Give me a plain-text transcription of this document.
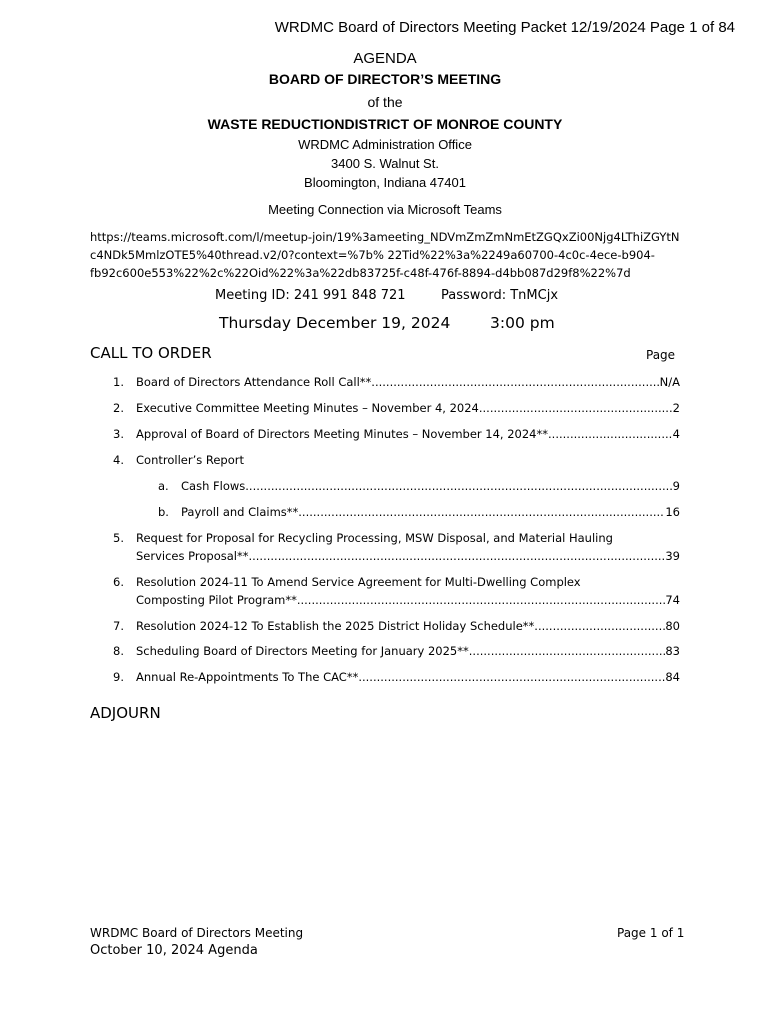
WRDMC Board of Directors Meeting Packet 12/19/2024 Page 1 of 84
AGENDA
BOARD OF DIRECTOR’S MEETING
of the
WASTE REDUCTIONDISTRICT OF MONROE COUNTY
WRDMC Administration Office
3400 S. Walnut St.
Bloomington, Indiana 47401
Meeting Connection via Microsoft Teams
https://teams.microsoft.com/l/meetup-join/19%3ameeting_NDVmZmZmNmEtZGQxZi00Njg4LThiZGYtN
c4NDk5MmlzOTE5%40thread.v2/0?context=%7b% 22Tid%22%3a%2249a60700-4c0c-4ece-b904-
fb92c600e553%22%2c%22Oid%22%3a%22db83725f-c48f-476f-8894-d4bb087d29f8%22%7d
Meeting ID: 241 991 848 721	Password: TnMCjx
Thursday December 19, 2024	3:00 pm
CALL TO ORDER	Page
1. Board of Directors Attendance Roll Call** .....	N/A
2. Executive Committee Meeting Minutes – November 4, 2024 .....	2
3. Approval of Board of Directors Meeting Minutes – November 14, 2024** .....	4
4. Controller’s Report
a. Cash Flows .....	9
b. Payroll and Claims** .....	16
5. Request for Proposal for Recycling Processing, MSW Disposal, and Material Hauling
Services Proposal** .....	39
6. Resolution 2024-11 To Amend Service Agreement for Multi-Dwelling Complex
Composting Pilot Program** .....	74
7. Resolution 2024-12 To Establish the 2025 District Holiday Schedule** .....	80
8. Scheduling Board of Directors Meeting for January 2025** .....	83
9. Annual Re-Appointments To The CAC** .....	84
ADJOURN
WRDMC Board of Directors Meeting
October 10, 2024 Agenda
Page 1 of 1
